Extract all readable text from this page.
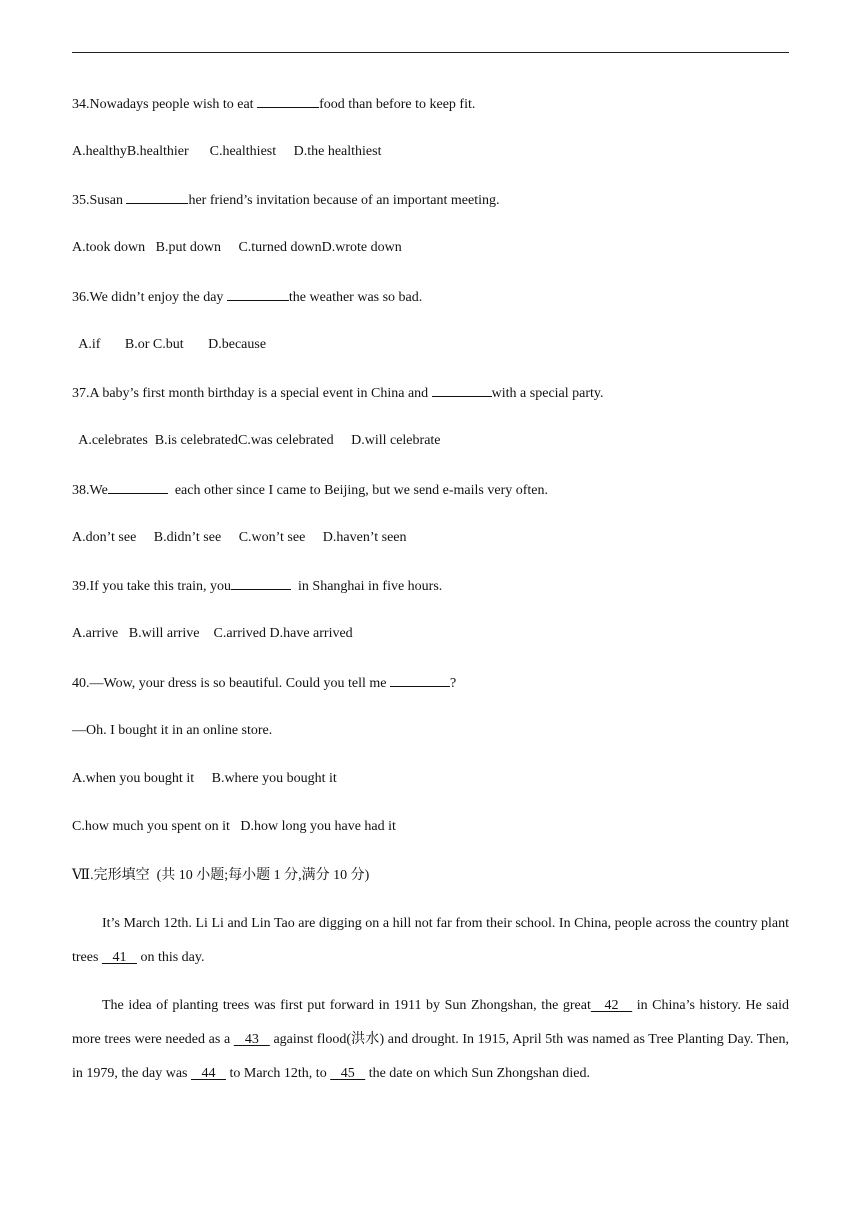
34.Nowadays people wish to eat	food than before to keep fit.
A.healthyB.healthier      C.healthiest     D.the healthiest
35.Susan	her friend’s invitation because of an important meeting.
A.took down   B.put down     C.turned downD.wrote down
36.We didn’t enjoy the day	the weather was so bad.
A.if       B.or C.but       D.because
37.A baby’s first month birthday is a special event in China and	with a special party.
A.celebrates  B.is celebratedC.was celebrated     D.will celebrate
38.We	each other since I came to Beijing, but we send e-mails very often.
A.don’t see     B.didn’t see     C.won’t see     D.haven’t seen
39.If you take this train, you	in Shanghai in five hours.
A.arrive   B.will arrive    C.arrived D.have arrived
40.—Wow, your dress is so beautiful. Could you tell me	?
—Oh. I bought it in an online store.
A.when you bought it     B.where you bought it
C.how much you spent on it   D.how long you have had it
Ⅶ.完形填空  (共 10 小题;每小题 1 分,满分 10 分)
It’s March 12th. Li Li and Lin Tao are digging on a hill not far from their school. In China, people across the country plant trees    41    on this day.
The idea of planting trees was first put forward in 1911 by Sun Zhongshan, the great   42    in China’s history. He said more trees were needed as a    43    against flood(洪水) and drought. In 1915, April 5th was named as Tree Planting Day. Then, in 1979, the day was    44    to March 12th, to    45    the date on which Sun Zhongshan died.
